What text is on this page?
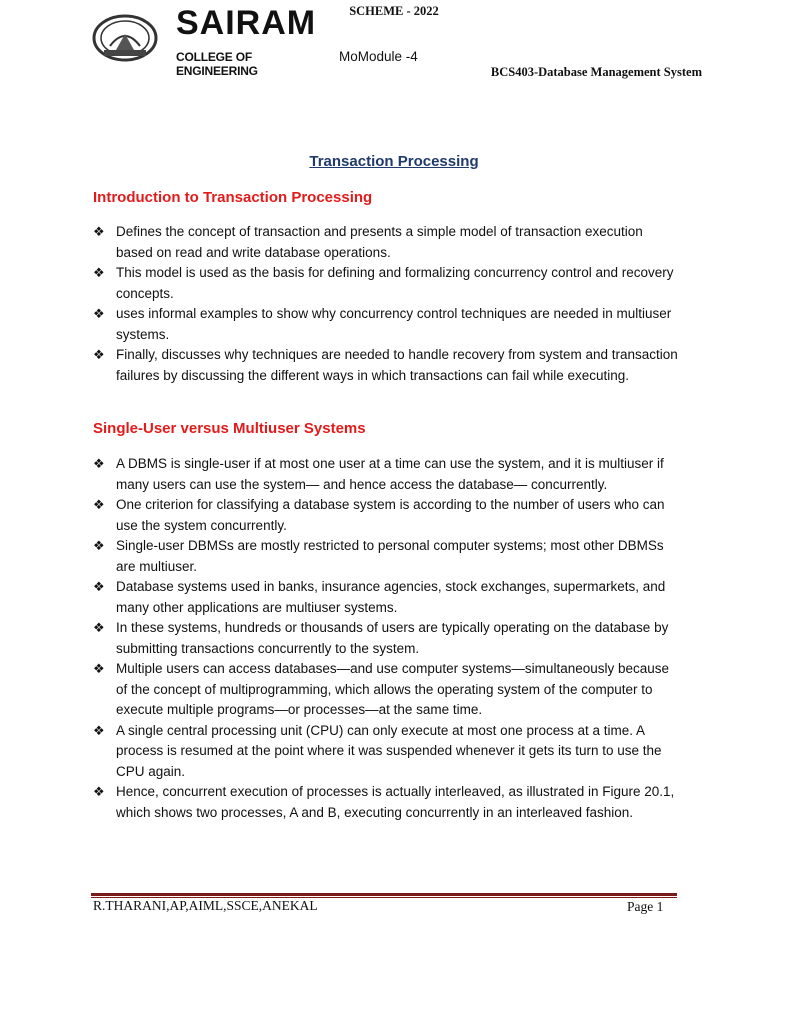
SCHEME - 2022
SAIRAM
COLLEGE OF ENGINEERING
MoModule -4
BCS403-Database Management System
Transaction Processing
Introduction to Transaction Processing
❖ Defines the concept of transaction and presents a simple model of transaction execution based on read and write database operations.
❖ This model is used as the basis for defining and formalizing concurrency control and recovery concepts.
❖ uses informal examples to show why concurrency control techniques are needed in multiuser systems.
❖ Finally, discusses why techniques are needed to handle recovery from system and transaction failures by discussing the different ways in which transactions can fail while executing.
Single-User versus Multiuser Systems
❖ A DBMS is single-user if at most one user at a time can use the system, and it is multiuser if many users can use the system— and hence access the database— concurrently.
❖ One criterion for classifying a database system is according to the number of users who can use the system concurrently.
❖ Single-user DBMSs are mostly restricted to personal computer systems; most other DBMSs are multiuser.
❖ Database systems used in banks, insurance agencies, stock exchanges, supermarkets, and many other applications are multiuser systems.
❖ In these systems, hundreds or thousands of users are typically operating on the database by submitting transactions concurrently to the system.
❖ Multiple users can access databases—and use computer systems—simultaneously because of the concept of multiprogramming, which allows the operating system of the computer to execute multiple programs—or processes—at the same time.
❖ A single central processing unit (CPU) can only execute at most one process at a time. A process is resumed at the point where it was suspended whenever it gets its turn to use the CPU again.
❖ Hence, concurrent execution of processes is actually interleaved, as illustrated in Figure 20.1, which shows two processes, A and B, executing concurrently in an interleaved fashion.
R.THARANI,AP,AIML,SSCE,ANEKAL	Page 1
